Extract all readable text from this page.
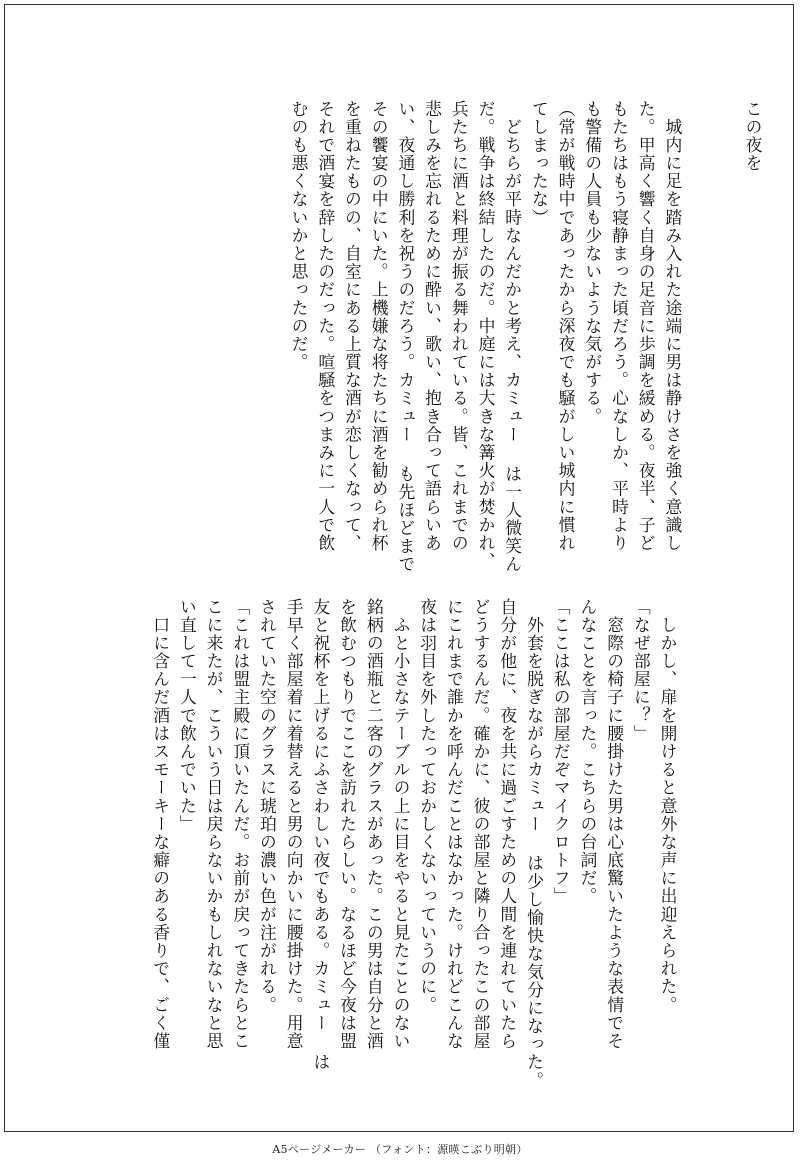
この夜を

　城内に足を踏み入れた途端に男は静けさを強く意識し
た。甲高く響く自身の足音に歩調を緩める。夜半、子ど
もたちはもう寝静まった頃だろう。心なしか、平時より
も警備の人員も少ないような気がする。
（常が戦時中であったから深夜でも騒がしい城内に慣れ
てしまったな）
　どちらが平時なんだかと考え、カミュー は一人微笑ん
だ。戦争は終結したのだ。中庭には大きな篝火が焚かれ、
兵たちに酒と料理が振る舞われている。皆、これまでの
悲しみを忘れるために酔い、歌い、抱き合って語らいあ
い、夜通し勝利を祝うのだろう。カミュー も先ほどまで
その饗宴の中にいた。上機嫌な将たちに酒を勧められ杯
を重ねたものの、自室にある上質な酒が恋しくなって、
それで酒宴を辞したのだった。喧騒をつまみに一人で飲
むのも悪くないかと思ったのだ。
　しかし、扉を開けると意外な声に出迎えられた。
「なぜ部屋に？」
　窓際の椅子に腰掛けた男は心底驚いたような表情でそ
んなことを言った。こちらの台詞だ。
「ここは私の部屋だぞマイクロトフ」
　外套を脱ぎながらカミュー は少し愉快な気分になった。
自分が他に、夜を共に過ごすための人間を連れていたら
どうするんだ。確かに、彼の部屋と隣り合ったこの部屋
にこれまで誰かを呼んだことはなかった。けれどこんな
夜は羽目を外したっておかしくないっていうのに。
　ふと小さなテーブルの上に目をやると見たことのない
銘柄の酒瓶と二客のグラスがあった。この男は自分と酒
を飲むつもりでここを訪れたらしい。なるほど今夜は盟
友と祝杯を上げるにふさわしい夜でもある。カミュー は
手早く部屋着に着替えると男の向かいに腰掛けた。用意
されていた空のグラスに琥珀の濃い色が注がれる。
「これは盟主殿に頂いたんだ。お前が戻ってきたらとこ
こに来たが、こういう日は戻らないかもしれないなと思
い直して一人で飲んでいた」
　口に含んだ酒はスモーキーな癖のある香りで、ごく僅
A5ページメーカー （フォント：源暎こぶり明朝）
